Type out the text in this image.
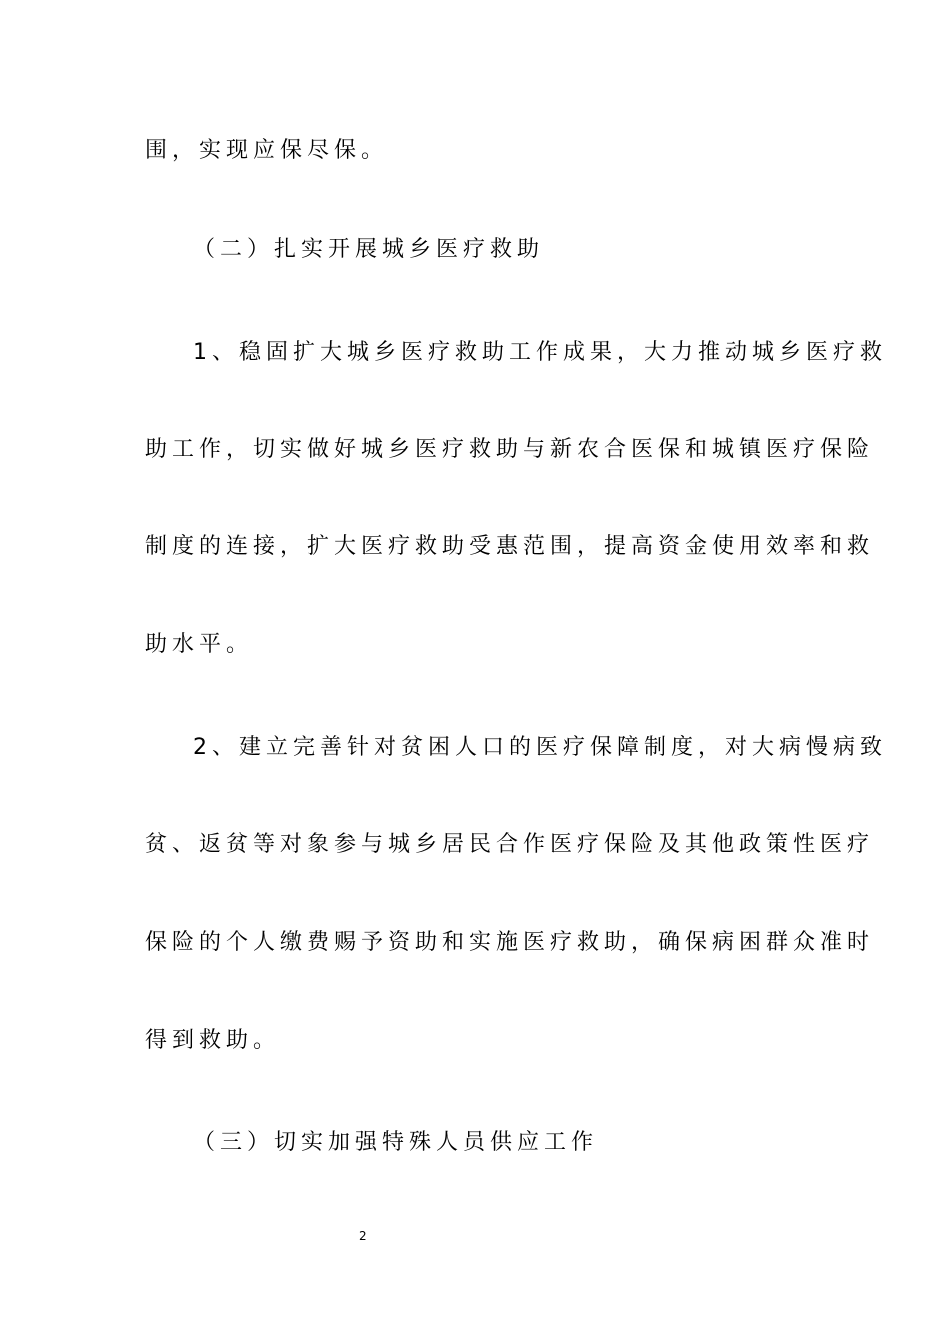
围，实现应保尽保。
（二）扎实开展城乡医疗救助
1、稳固扩大城乡医疗救助工作成果，大力推动城乡医疗救
助工作，切实做好城乡医疗救助与新农合医保和城镇医疗保险
制度的连接，扩大医疗救助受惠范围，提高资金使用效率和救
助水平。
2、建立完善针对贫困人口的医疗保障制度，对大病慢病致
贫、返贫等对象参与城乡居民合作医疗保险及其他政策性医疗
保险的个人缴费赐予资助和实施医疗救助，确保病困群众准时
得到救助。
（三）切实加强特殊人员供应工作
2
